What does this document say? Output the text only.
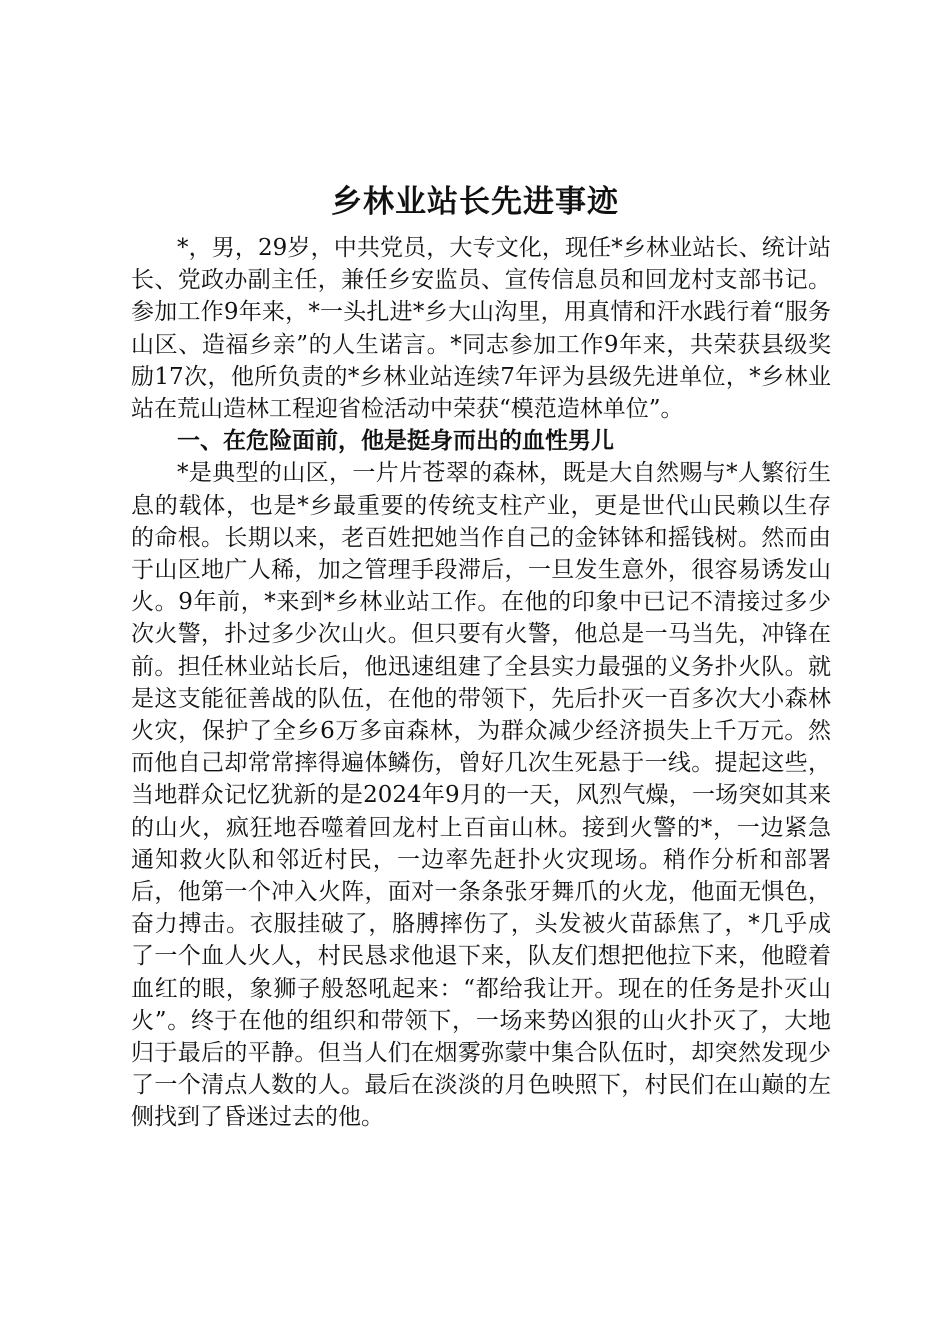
乡林业站长先进事迹

*，男，29岁，中共党员，大专文化，现任*乡林业站长、统计站长、党政办副主任，兼任乡安监员、宣传信息员和回龙村支部书记。参加工作9年来，*一头扎进*乡大山沟里，用真情和汗水践行着“服务山区、造福乡亲”的人生诺言。*同志参加工作9年来，共荣获县级奖励17次，他所负责的*乡林业站连续7年评为县级先进单位，*乡林业站在荒山造林工程迎省检活动中荣获“模范造林单位”。

一、在危险面前，他是挺身而出的血性男儿

*是典型的山区，一片片苍翠的森林，既是大自然赐与*人繁衍生息的载体，也是*乡最重要的传统支柱产业，更是世代山民赖以生存的命根。长期以来，老百姓把她当作自己的金钵钵和摇钱树。然而由于山区地广人稀，加之管理手段滞后，一旦发生意外，很容易诱发山火。9年前，*来到*乡林业站工作。在他的印象中已记不清接过多少次火警，扑过多少次山火。但只要有火警，他总是一马当先，冲锋在前。担任林业站长后，他迅速组建了全县实力最强的义务扑火队。就是这支能征善战的队伍，在他的带领下，先后扑灭一百多次大小森林火灾，保护了全乡6万多亩森林，为群众减少经济损失上千万元。然而他自己却常常摔得遍体鳞伤，曾好几次生死悬于一线。提起这些，当地群众记忆犹新的是2024年9月的一天，风烈气燥，一场突如其来的山火，疯狂地吞噬着回龙村上百亩山林。接到火警的*，一边紧急通知救火队和邻近村民，一边率先赶扑火灾现场。稍作分析和部署后，他第一个冲入火阵，面对一条条张牙舞爪的火龙，他面无惧色，奋力搏击。衣服挂破了，胳膊摔伤了，头发被火苗舔焦了，*几乎成了一个血人火人，村民恳求他退下来，队友们想把他拉下来，他瞪着血红的眼，象狮子般怒吼起来：“都给我让开。现在的任务是扑灭山火”。终于在他的组织和带领下，一场来势凶狠的山火扑灭了，大地归于最后的平静。但当人们在烟雾弥蒙中集合队伍时，却突然发现少了一个清点人数的人。最后在淡淡的月色映照下，村民们在山巅的左侧找到了昏迷过去的他。
